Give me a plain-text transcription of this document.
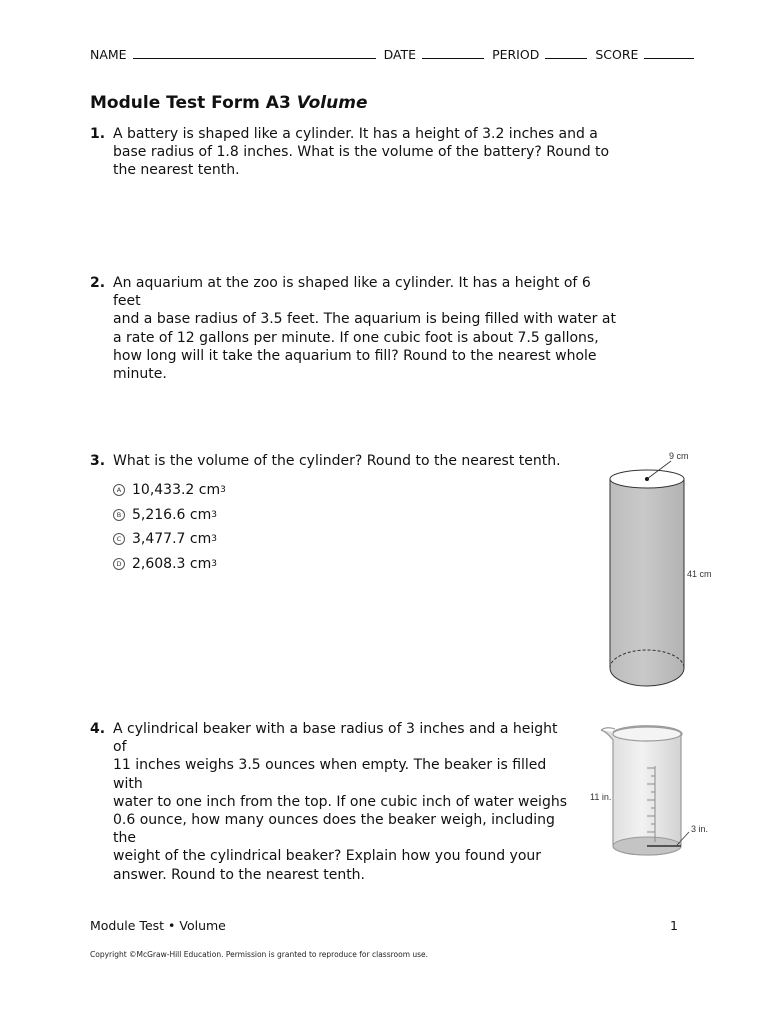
NAME	DATE	PERIOD	SCORE
Module Test Form A3 Volume
1. A battery is shaped like a cylinder. It has a height of 3.2 inches and a
base radius of 1.8 inches. What is the volume of the battery? Round to
the nearest tenth.
2. An aquarium at the zoo is shaped like a cylinder. It has a height of 6 feet
and a base radius of 3.5 feet. The aquarium is being filled with water at
a rate of 12 gallons per minute. If one cubic foot is about 7.5 gallons,
how long will it take the aquarium to fill? Round to the nearest whole
minute.
3. What is the volume of the cylinder? Round to the nearest tenth.
A 10,433.2 cm 3
B 5,216.6 cm 3
C 3,477.7 cm 3
D 2,608.3 cm 3
9 cm
41 cm
4. A cylindrical beaker with a base radius of 3 inches and a height of
11 inches weighs 3.5 ounces when empty. The beaker is filled with
water to one inch from the top. If one cubic inch of water weighs
0.6 ounce, how many ounces does the beaker weigh, including the
weight of the cylindrical beaker? Explain how you found your
answer. Round to the nearest tenth.
3 in.
11 in.
Module Test • Volume	1
Copyright ©McGraw-Hill Education. Permission is granted to reproduce for classroom use.
